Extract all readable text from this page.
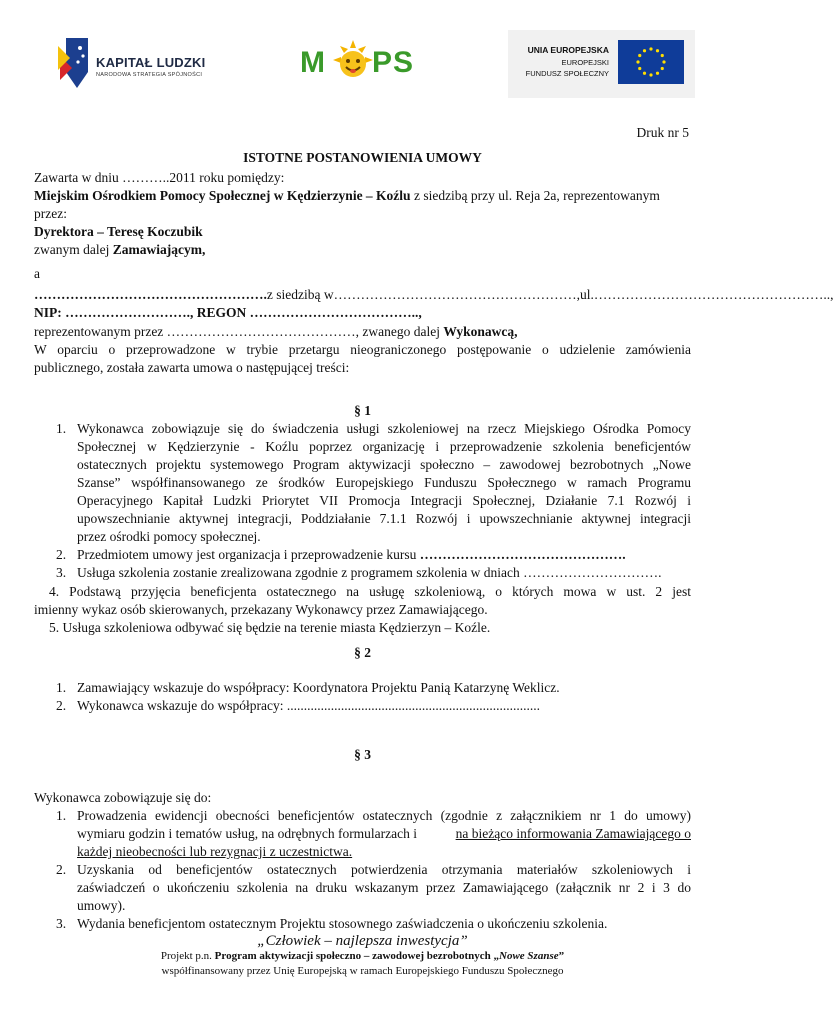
KAPITAŁ LUDZKI
NARODOWA STRATEGIA SPÓJNOŚCI	M PS	UNIA EUROPEJSKA
EUROPEJSKI
FUNDUSZ SPOŁECZNY
Druk nr 5
ISTOTNE POSTANOWIENIA UMOWY
Zawarta w dniu ………..2011 roku pomiędzy:
Miejskim Ośrodkiem Pomocy Społecznej w Kędzierzynie – Koźlu z siedzibą przy ul. Reja 2a, reprezentowanym
przez:
Dyrektora – Teresę Koczubik
zwanym dalej Zamawiającym,
a
……………………………………………. z siedzibą w ………………………………………………, ul. ……………………………………………..,
NIP: ………………………., REGON ………………………………..,
reprezentowanym przez ……………………………………, zwanego dalej Wykonawcą,
W oparciu o przeprowadzone w trybie przetargu nieograniczonego postępowanie o udzielenie zamówienia
publicznego, została zawarta umowa o następującej treści:
§ 1
1. Wykonawca zobowiązuje się do świadczenia usługi szkoleniowej na rzecz Miejskiego Ośrodka Pomocy
Społecznej w Kędzierzynie - Koźlu poprzez organizację i przeprowadzenie szkolenia beneficjentów
ostatecznych projektu systemowego Program aktywizacji społeczno – zawodowej bezrobotnych „Nowe
Szanse” współfinansowanego ze środków Europejskiego Funduszu Społecznego w ramach Programu
Operacyjnego Kapitał Ludzki Priorytet VII Promocja Integracji Społecznej, Działanie 7.1 Rozwój i
upowszechnianie aktywnej integracji, Poddziałanie 7.1.1 Rozwój i upowszechnianie aktywnej integracji
przez ośrodki pomocy społecznej.
2. Przedmiotem umowy jest organizacja i przeprowadzenie kursu ……………………………………….
3. Usługa szkolenia zostanie zrealizowana zgodnie z programem szkolenia w dniach ………………………….
4. Podstawą przyjęcia beneficjenta ostatecznego na usługę szkoleniową, o których mowa w ust. 2 jest
imienny wykaz osób skierowanych, przekazany Wykonawcy przez Zamawiającego.
5. Usługa szkoleniowa odbywać się będzie na terenie miasta Kędzierzyn – Koźle.
§ 2
1. Zamawiający wskazuje do współpracy: Koordynatora Projektu Panią Katarzynę Weklicz.
2. Wykonawca wskazuje do współpracy: ...........................................................................
§ 3
Wykonawca zobowiązuje się do:
1. Prowadzenia ewidencji obecności beneficjentów ostatecznych (zgodnie z załącznikiem nr 1 do umowy)
wymiaru godzin i tematów usług, na odrębnych formularzach i	na bieżąco informowania Zamawiającego o
każdej nieobecności lub rezygnacji z uczestnictwa.
2. Uzyskania od beneficjentów ostatecznych potwierdzenia otrzymania materiałów szkoleniowych i
zaświadczeń o ukończeniu szkolenia na druku wskazanym przez Zamawiającego (załącznik nr 2 i 3 do
umowy).
3. Wydania beneficjentom ostatecznym Projektu stosownego zaświadczenia o ukończeniu szkolenia.
„Człowiek – najlepsza inwestycja”
Projekt p.n. Program aktywizacji społeczno – zawodowej bezrobotnych „Nowe Szanse”
współfinansowany przez Unię Europejską w ramach Europejskiego Funduszu Społecznego
